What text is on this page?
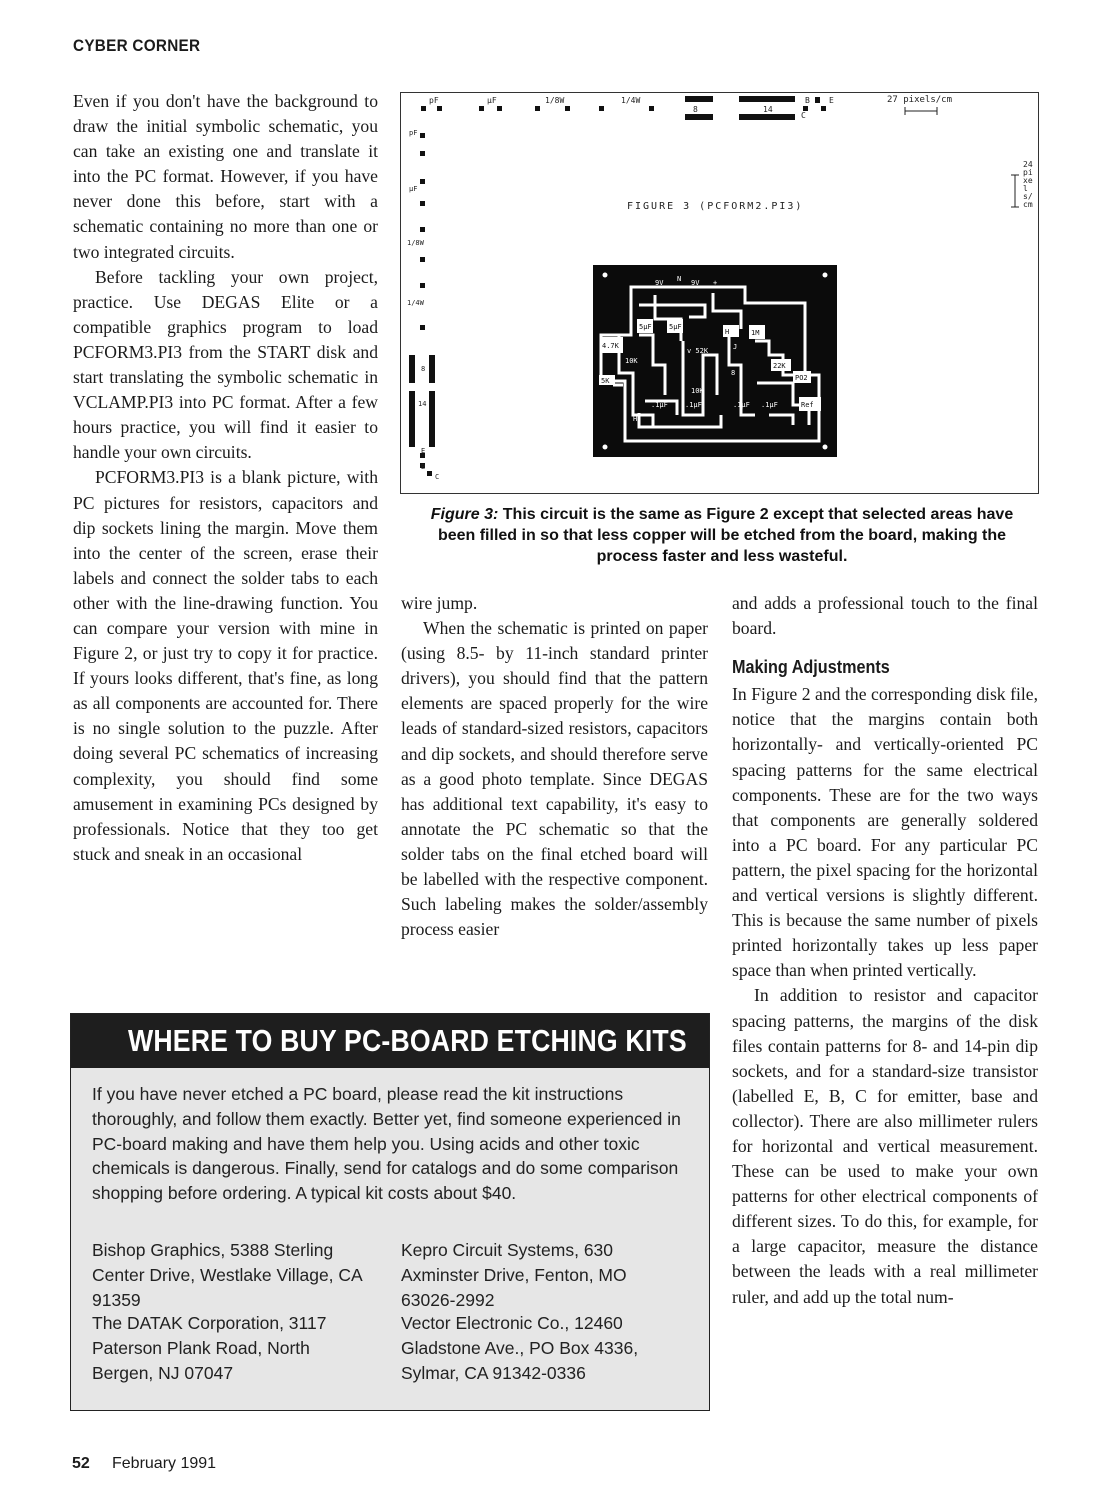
CYBER CORNER

Even if you don't have the background to draw the initial symbolic schematic, you can take an existing one and translate it into the PC format. However, if you have never done this before, start with a schematic containing no more than one or two integrated circuits.

Before tackling your own project, practice. Use DEGAS Elite or a compatible graphics program to load PCFORM3.PI3 from the START disk and start translating the symbolic schematic in VCLAMP.PI3 into PC format. After a few hours practice, you will find it easier to handle your own circuits.

PCFORM3.PI3 is a blank picture, with PC pictures for resistors, capacitors and dip sockets lining the margin. Move them into the center of the screen, erase their labels and connect the solder tabs to each other with the line-drawing function. You can compare your version with mine in Figure 2, or just try to copy it for practice. If yours looks different, that's fine, as long as all components are accounted for. There is no single solution to the puzzle. After doing several PC schematics of increasing complexity, you should find some amusement in examining PCs designed by professionals. Notice that they too get stuck and sneak in an occasional

pF	µF	1/8W	1/4W
8	14
B E
C
27 pixels/cm
24 pixels/cm
pF
µF
1/8W
1/4W
8
14
E
B
C
FIGURE 3 (PCFORM2.PI3)
9V N 9V +
5µF 5µF
H
v 52K	J
4.7K
10K
8
1M
22K
PO2
5K
10K
.1µF .1µF	.1µF .1µF	Ref
H
Figure 3: This circuit is the same as Figure 2 except that selected areas have been filled in so that less copper will be etched from the board, making the process faster and less wasteful.

wire jump.

When the schematic is printed on paper (using 8.5- by 11-inch standard printer drivers), you should find that the pattern elements are spaced properly for the wire leads of standard-sized resistors, capacitors and dip sockets, and should therefore serve as a good photo template. Since DEGAS has additional text capability, it's easy to annotate the PC schematic so that the solder tabs on the final etched board will be labelled with the respective component. Such labeling makes the solder/assembly process easier

and adds a professional touch to the final board.

Making Adjustments

In Figure 2 and the corresponding disk file, notice that the margins contain both horizontally- and vertically-oriented PC spacing patterns for the same electrical components. These are for the two ways that components are generally soldered into a PC board. For any particular PC pattern, the pixel spacing for the horizontal and vertical versions is slightly different. This is because the same number of pixels printed horizontally takes up less paper space than when printed vertically.

In addition to resistor and capacitor spacing patterns, the margins of the disk files contain patterns for 8- and 14-pin dip sockets, and for a standard-size transistor (labelled E, B, C for emitter, base and collector). There are also millimeter rulers for horizontal and vertical measurement. These can be used to make your own patterns for other electrical components of different sizes. To do this, for example, for a large capacitor, measure the distance between the leads with a real millimeter ruler, and add up the total num-

WHERE TO BUY PC-BOARD ETCHING KITS
If you have never etched a PC board, please read the kit instructions thoroughly, and follow them exactly. Better yet, find someone experienced in PC-board making and have them help you. Using acids and other toxic chemicals is dangerous. Finally, send for catalogs and do some comparison shopping before ordering. A typical kit costs about $40.
Bishop Graphics, 5388 Sterling Center Drive, Westlake Village, CA 91359
Kepro Circuit Systems, 630 Axminster Drive, Fenton, MO 63026-2992
The DATAK Corporation, 3117 Paterson Plank Road, North Bergen, NJ 07047
Vector Electronic Co., 12460 Gladstone Ave., PO Box 4336, Sylmar, CA 91342-0336
52 February 1991
